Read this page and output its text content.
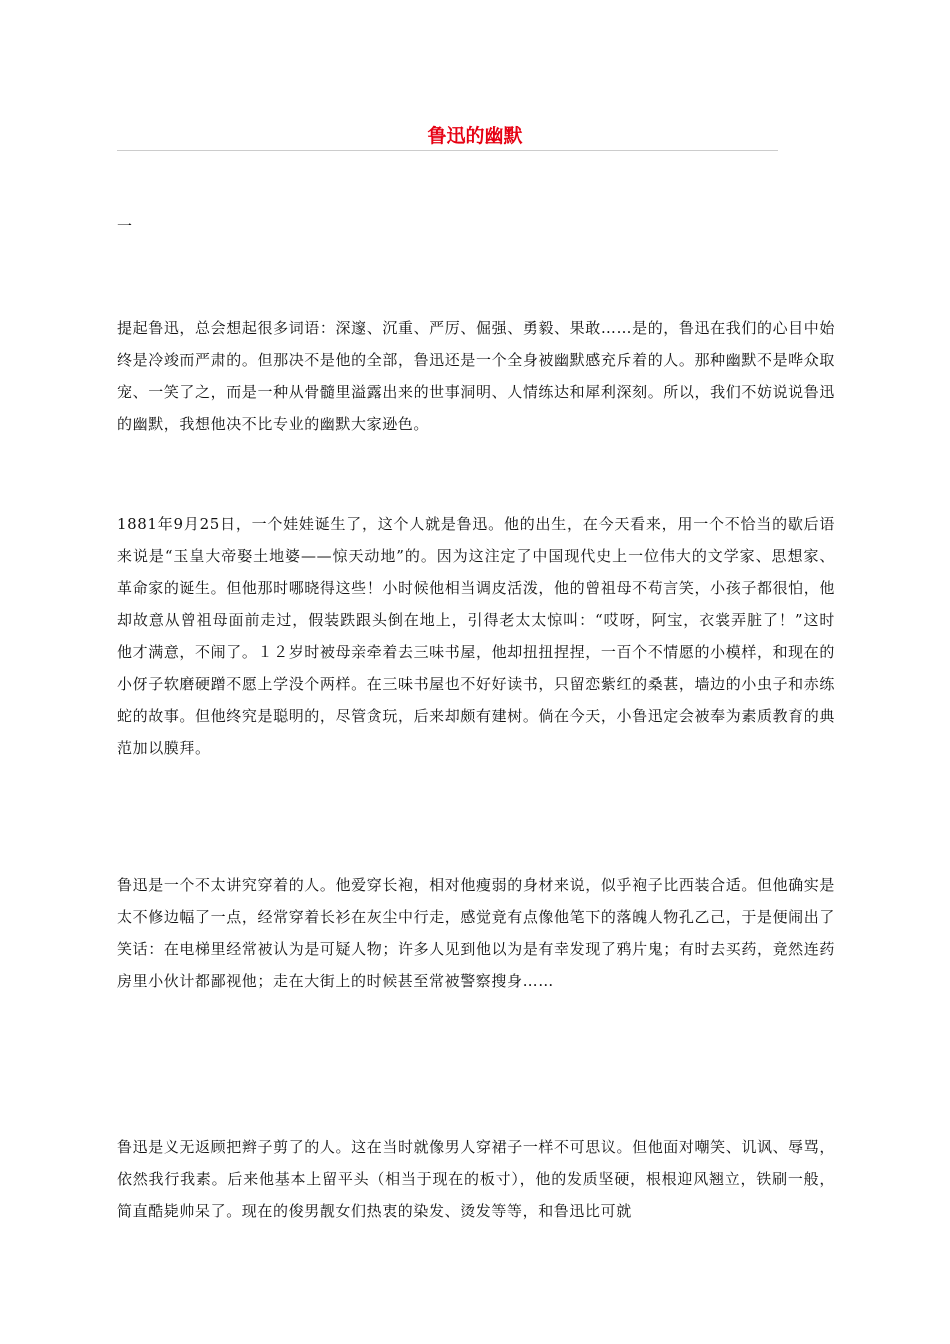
鲁迅的幽默
一

提起鲁迅，总会想起很多词语：深邃、沉重、严厉、倔强、勇毅、果敢……是的，鲁迅在我们的心目中始终是冷竣而严肃的。但那决不是他的全部，鲁迅还是一个全身被幽默感充斥着的人。那种幽默不是哗众取宠、一笑了之，而是一种从骨髓里溢露出来的世事洞明、人情练达和犀利深刻。所以，我们不妨说说鲁迅的幽默，我想他决不比专业的幽默大家逊色。

1881年9月25日，一个娃娃诞生了，这个人就是鲁迅。他的出生，在今天看来，用一个不恰当的歇后语来说是“玉皇大帝娶土地婆——惊天动地”的。因为这注定了中国现代史上一位伟大的文学家、思想家、革命家的诞生。但他那时哪晓得这些！小时候他相当调皮活泼，他的曾祖母不苟言笑，小孩子都很怕，他却故意从曾祖母面前走过，假装跌跟头倒在地上，引得老太太惊叫：“哎呀，阿宝，衣裳弄脏了！”这时他才满意，不闹了。１２岁时被母亲牵着去三味书屋，他却扭扭捏捏，一百个不情愿的小模样，和现在的小伢子软磨硬蹭不愿上学没个两样。在三味书屋也不好好读书，只留恋紫红的桑葚，墙边的小虫子和赤练蛇的故事。但他终究是聪明的，尽管贪玩，后来却颇有建树。倘在今天，小鲁迅定会被奉为素质教育的典范加以膜拜。

鲁迅是一个不太讲究穿着的人。他爱穿长袍，相对他瘦弱的身材来说，似乎袍子比西装合适。但他确实是太不修边幅了一点，经常穿着长衫在灰尘中行走，感觉竟有点像他笔下的落魄人物孔乙己，于是便闹出了笑话：在电梯里经常被认为是可疑人物；许多人见到他以为是有幸发现了鸦片鬼；有时去买药，竟然连药房里小伙计都鄙视他；走在大街上的时候甚至常被警察搜身……

鲁迅是义无返顾把辫子剪了的人。这在当时就像男人穿裙子一样不可思议。但他面对嘲笑、讥讽、辱骂，依然我行我素。后来他基本上留平头（相当于现在的板寸），他的发质坚硬，根根迎风翘立，铁刷一般，简直酷毙帅呆了。现在的俊男靓女们热衷的染发、烫发等等，和鲁迅比可就
